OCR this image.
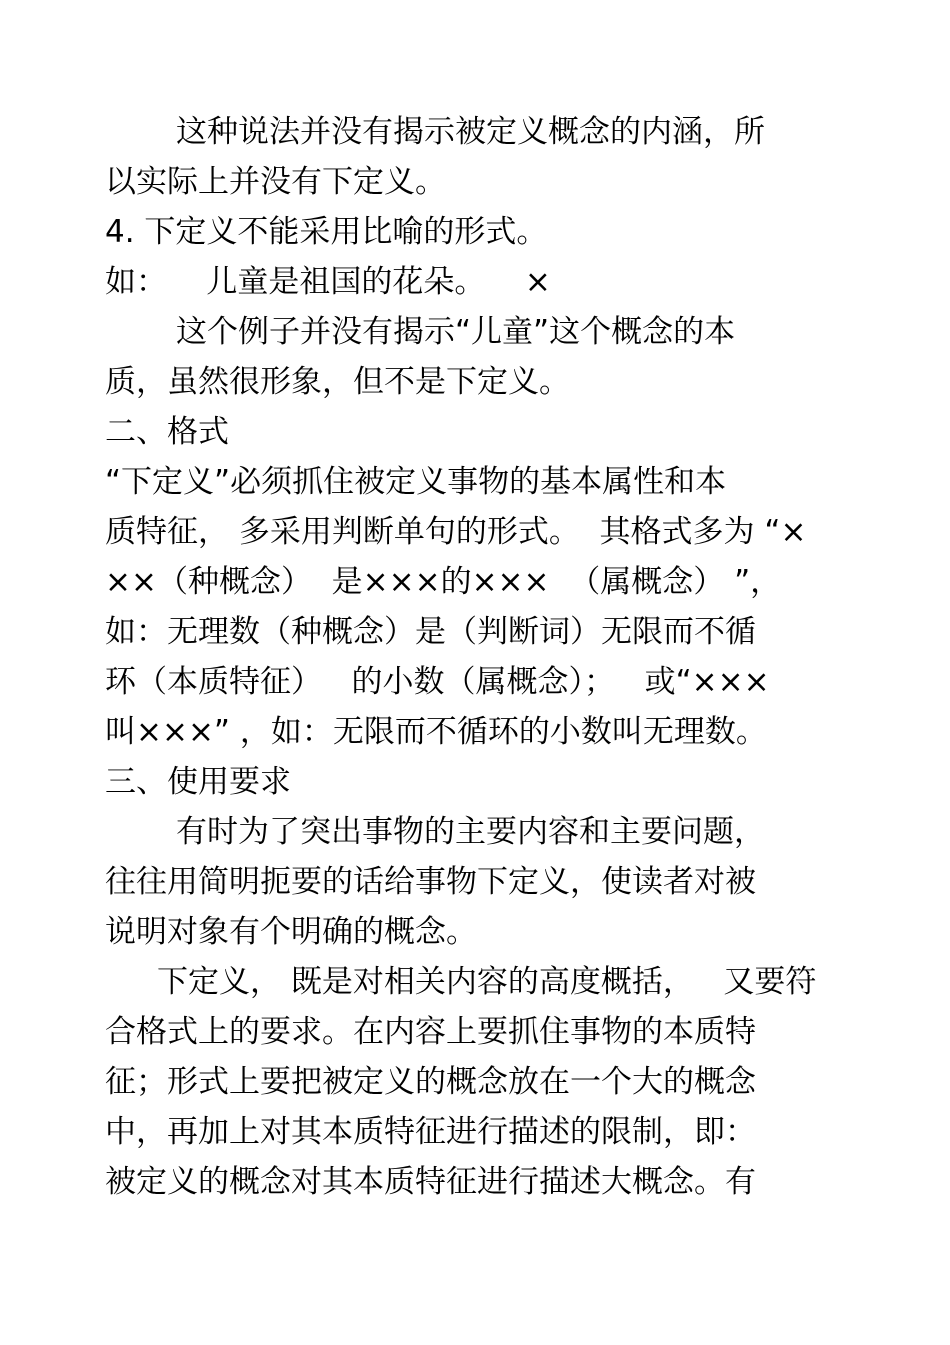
这种说法并没有揭示被定义概念的内涵，所
以实际上并没有下定义。
4. 下定义不能采用比喻的形式。
如：    儿童是祖国的花朵。    ×
这个例子并没有揭示“儿童”这个概念的本
质，虽然很形象，但不是下定义。
二、格式
“下定义”必须抓住被定义事物的基本属性和本
质特征， 多采用判断单句的形式。  其格式多为 “×
××（种概念）  是×××的×××  （属概念） ”，
如：无理数（种概念）是（判断词）无限而不循
环（本质特征）   的小数（属概念）；   或“×××
叫×××” ，如：无限而不循环的小数叫无理数。
三、使用要求
有时为了突出事物的主要内容和主要问题，
往往用简明扼要的话给事物下定义，使读者对被
说明对象有个明确的概念。
下定义， 既是对相关内容的高度概括，   又要符
合格式上的要求。在内容上要抓住事物的本质特
征；形式上要把被定义的概念放在一个大的概念
中，再加上对其本质特征进行描述的限制，即：
被定义的概念对其本质特征进行描述大概念。有
